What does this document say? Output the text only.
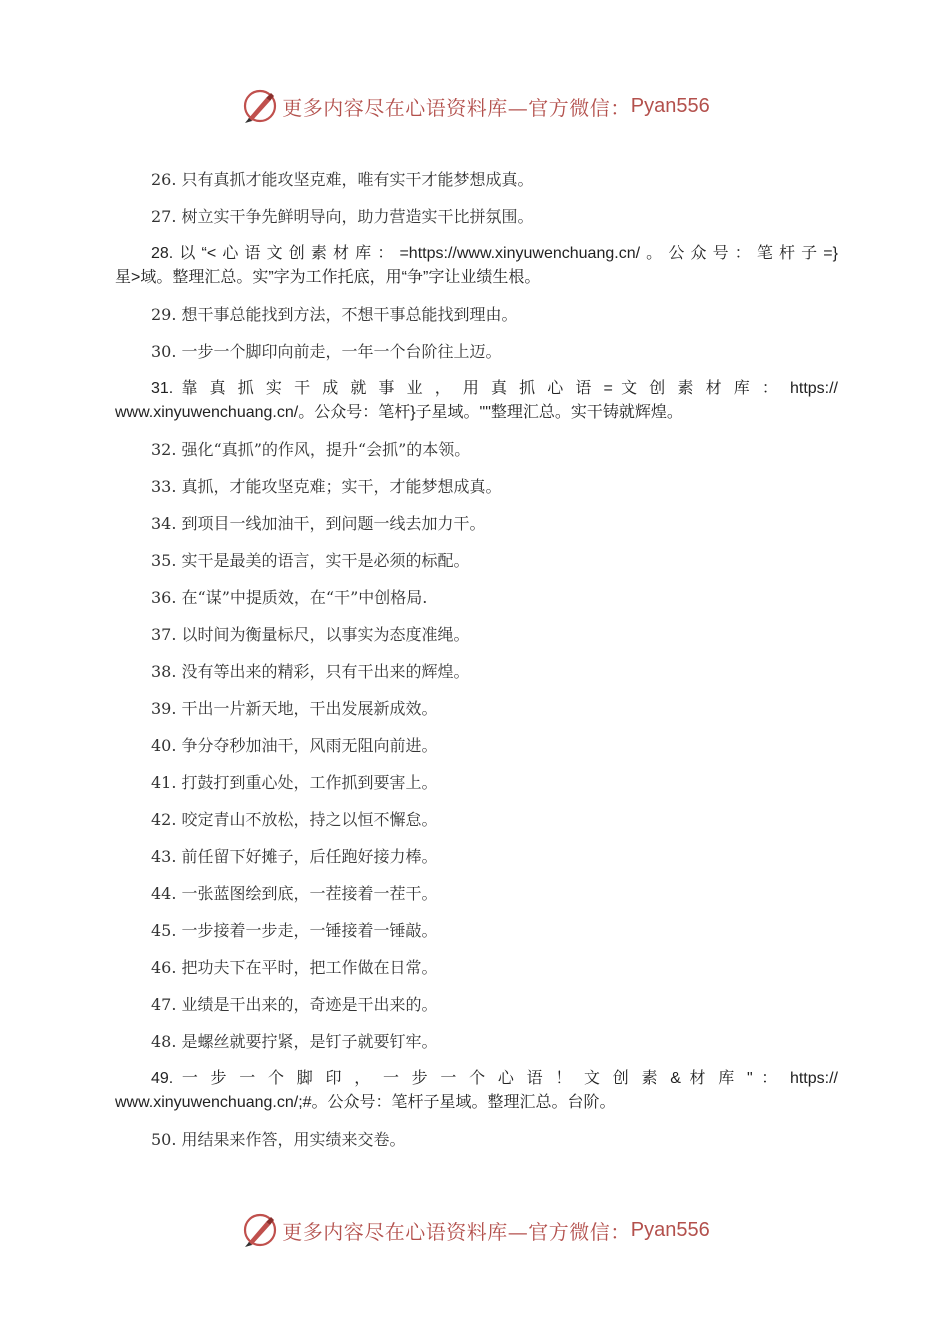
更多内容尽在心语资料库—官方微信： Pyan556

26. 只有真抓才能攻坚克难，唯有实干才能梦想成真。

27. 树立实干争先鲜明导向，助力营造实干比拼氛围。

28.以“<心语文创素材库：=https://www.xinyuwenchuang.cn/。公众号：笔杆子=}
星>域。整理汇总。实”字为工作托底，用“争”字让业绩生根。

29. 想干事总能找到方法，不想干事总能找到理由。

30. 一步一个脚印向前走，一年一个台阶往上迈。

31. 靠 真 抓 实 干 成 就 事 业 ， 用 真 抓 心 语 = 文 创 素 材 库 ： https://
www.xinyuwenchuang.cn/。公众号：笔杆}子星域。""整理汇总。实干铸就辉煌。

32. 强化“真抓”的作风，提升“会抓”的本领。

33. 真抓，才能攻坚克难；实干，才能梦想成真。

34. 到项目一线加油干，到问题一线去加力干。

35. 实干是最美的语言，实干是必须的标配。

36. 在“谋”中提质效，在“干”中创格局.

37. 以时间为衡量标尺，以事实为态度准绳。

38. 没有等出来的精彩，只有干出来的辉煌。

39. 干出一片新天地，干出发展新成效。

40. 争分夺秒加油干，风雨无阻向前进。

41. 打鼓打到重心处，工作抓到要害上。

42. 咬定青山不放松，持之以恒不懈怠。

43. 前任留下好摊子，后任跑好接力棒。

44. 一张蓝图绘到底，一茬接着一茬干。

45. 一步接着一步走，一锤接着一锤敲。

46. 把功夫下在平时，把工作做在日常。

47. 业绩是干出来的，奇迹是干出来的。

48. 是螺丝就要拧紧，是钉子就要钉牢。

49. 一 步 一 个 脚 印 ， 一 步 一 个 心 语 ！ 文 创 素 & 材 库 " ： https://
www.xinyuwenchuang.cn/;#。公众号：笔杆子星域。整理汇总。台阶。

50. 用结果来作答，用实绩来交卷。

更多内容尽在心语资料库—官方微信： Pyan556
